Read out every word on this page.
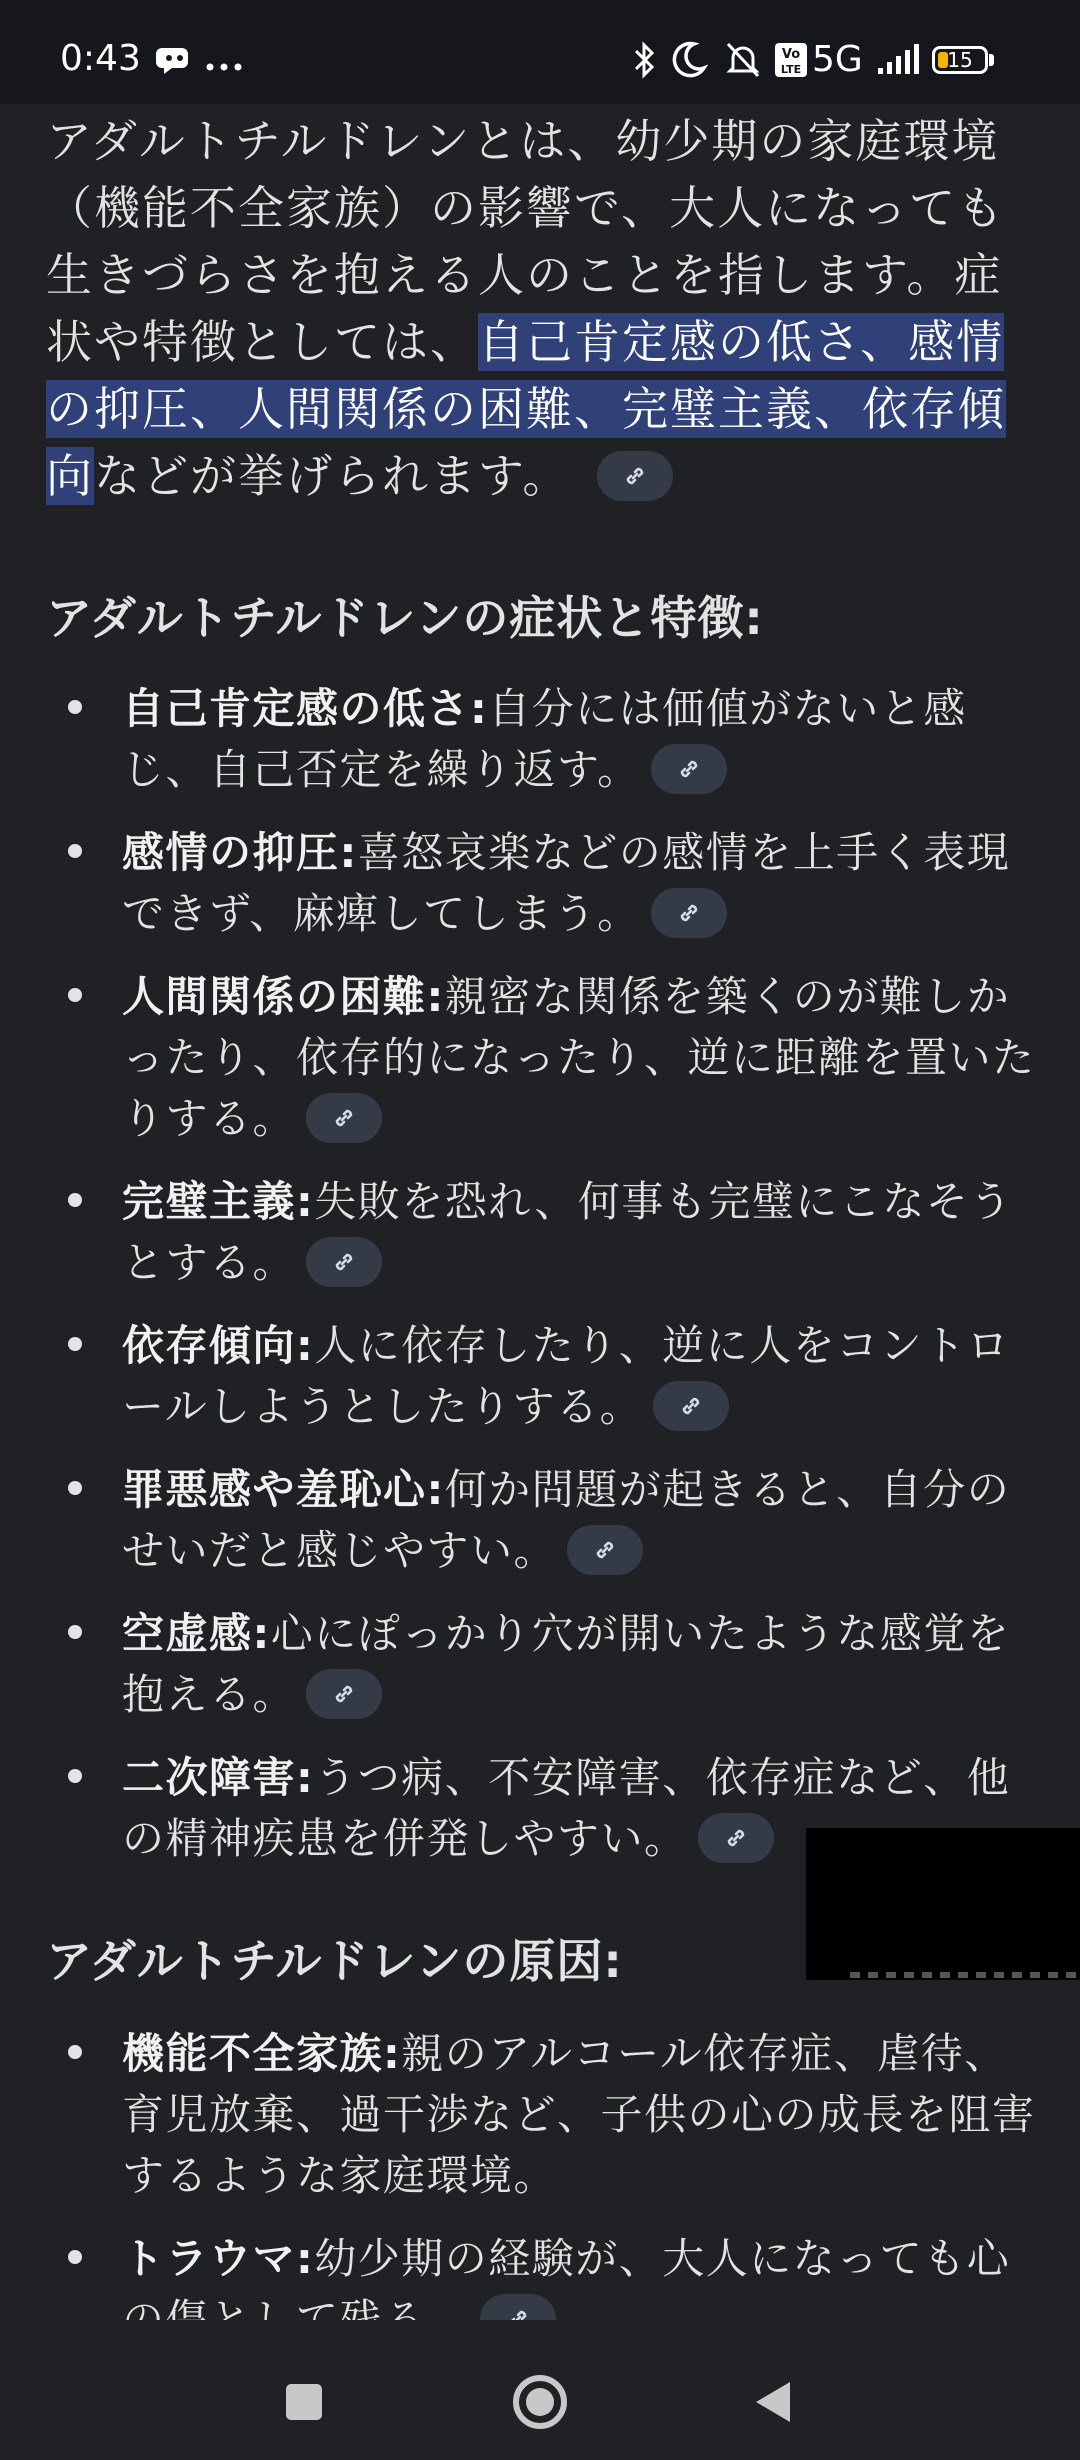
0:43	Vo
LTE 5G	15

アダルトチルドレンとは、幼少期の家庭環境（機能不全家族）の影響で、大人になっても生きづらさを抱える人のことを指します。症状や特徴としては、自己肯定感の低さ、感情の抑圧、人間関係の困難、完璧主義、依存傾向などが挙げられます。

アダルトチルドレンの症状と特徴:
自己肯定感の低さ:自分には価値がないと感じ、自己否定を繰り返す。
感情の抑圧:喜怒哀楽などの感情を上手く表現できず、麻痺してしまう。
人間関係の困難:親密な関係を築くのが難しかったり、依存的になったり、逆に距離を置いたりする。
完璧主義:失敗を恐れ、何事も完璧にこなそうとする。
依存傾向:人に依存したり、逆に人をコントロールしようとしたりする。
罪悪感や羞恥心:何か問題が起きると、自分のせいだと感じやすい。
空虚感:心にぽっかり穴が開いたような感覚を抱える。
二次障害:うつ病、不安障害、依存症など、他の精神疾患を併発しやすい。
アダルトチルドレンの原因:
機能不全家族:親のアルコール依存症、虐待、育児放棄、過干渉など、子供の心の成長を阻害するような家庭環境。
トラウマ:幼少期の経験が、大人になっても心
